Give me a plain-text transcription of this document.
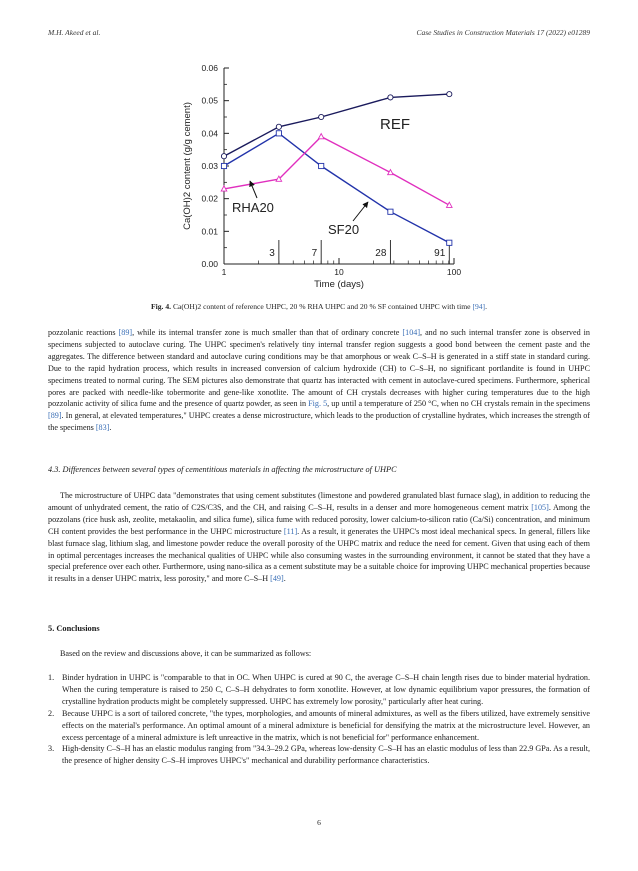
M.H. Akeed et al.	Case Studies in Construction Materials 17 (2022) e01289
0.00
0.01
0.02
0.03
0.04
0.05
0.06
1	10	100
Time (days)
Ca(OH)2 content (g/g cement)
3	7	28	91
REF
SF20
RHA20
Fig. 4. Ca(OH)2 content of reference UHPC, 20 % RHA UHPC and 20 % SF contained UHPC with time [94].

pozzolanic reactions [89], while its internal transfer zone is much smaller than that of ordinary concrete [104], and no such internal transfer zone is observed in specimens subjected to autoclave curing. The UHPC specimen's relatively tiny internal transfer region suggests a good bond between the cement paste and the aggregates. The difference between standard and autoclave curing conditions may be that amorphous or weak C–S–H is generated in a stiff state in standard curing. Due to the rapid hydration process, which results in increased conversion of calcium hydroxide (CH) to C–S–H, no significant portlandite is found in UHPC specimens treated to normal curing. The SEM pictures also demonstrate that quartz has interacted with cement in autoclave-cured specimens. Furthermore, spherical pores are packed with needle-like tobermorite and gene-like xonotlite. The amount of CH crystals decreases with higher curing temperatures due to the high pozzolanic activity of silica fume and the presence of quartz powder, as seen in Fig. 5, up until a temperature of 250 °C, when no CH crystals remain in the specimens [89]. In general, at elevated temperatures," UHPC creates a dense microstructure, which leads to the production of crystalline hydrates, which increases the strength of the specimens [83].

4.3. Differences between several types of cementitious materials in affecting the microstructure of UHPC

The microstructure of UHPC data "demonstrates that using cement substitutes (limestone and powdered granulated blast furnace slag), in addition to reducing the amount of unhydrated cement, the ratio of C2S/C3S, and the CH, and raising C–S–H, results in a denser and more homogeneous cement matrix [105]. Among the pozzolans (rice husk ash, zeolite, metakaolin, and silica fume), silica fume with reduced porosity, lower calcium-to-silicon ratio (Ca/Si) concentration, and minimum CH content provides the best performance in the UHPC microstructure [11]. As a result, it generates the UHPC's most ideal mechanical specs. In general, fillers like blast furnace slag, lithium slag, and limestone powder reduce the overall porosity of the UHPC matrix and reduce the need for cement. Given that using each of them in optimal percentages increases the mechanical qualities of UHPC while also consuming wastes in the surrounding environment, it cannot be stated that they have a special preference over each other. Furthermore, using nano-silica as a cement substitute may be a suitable choice for improving UHPC mechanical properties because it results in a denser UHPC matrix, less porosity," and more C–S–H [49].

5. Conclusions

Based on the review and discussions above, it can be summarized as follows:

1. Binder hydration in UHPC is "comparable to that in OC. When UHPC is cured at 90 C, the average C–S–H chain length rises due to binder material hydration. When the curing temperature is raised to 250 C, C–S–H dehydrates to form xonotlite. However, at low dynamic equilibrium vapor pressures, the formation of crystalline hydration products might be completely suppressed. UHPC has extremely low porosity," particularly after heat curing.
2. Because UHPC is a sort of tailored concrete, "the types, morphologies, and amounts of mineral admixtures, as well as the fibers utilized, have extremely sensitive effects on the material's performance. An optimal amount of a mineral admixture is beneficial for densifying the matrix at the microstructure level. However, an excess percentage of a mineral admixture is left unreactive in the matrix, which is not beneficial for" performance enhancement.
3. High-density C–S–H has an elastic modulus ranging from "34.3–29.2 GPa, whereas low-density C–S–H has an elastic modulus of less than 22.9 GPa. As a result, the presence of higher density C–S–H improves UHPC's" mechanical and durability performance characteristics.
6
